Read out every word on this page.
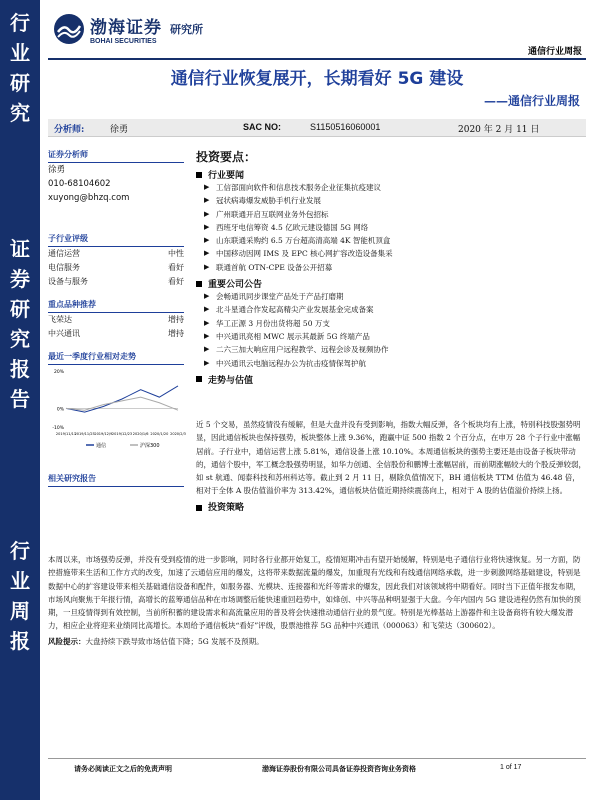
行
业
研
究
证
券
研
究
报
告
行
业
周
报
渤海证券
BOHAI SECURITIES
研究所
通信行业周报
通信行业恢复展开，长期看好 5G 建设
——通信行业周报
分析师:	徐勇	SAC NO:	S1150516060001	2020 年 2 月 11 日
证券分析师
徐勇
010-68104602
xuyong@bhzq.com
子行业评级
通信运营	中性
电信服务	看好
设备与服务	看好
重点品种推荐
飞荣达	增持
中兴通讯	增持
最近一季度行业相对走势
-10%
0%
20%
2019/11/11
2019/11/25 2019/12/9 2019/12/23 2020/1/6 2020/1/20 2020/2/3
通信	沪深300
相关研究报告
投资要点：
行业要闻
▶ 工信部面向软件和信息技术服务企业征集抗疫建议
▶ 冠状病毒爆发威胁手机行业发展
▶ 广州联通开启互联网业务外包招标
▶ 西班牙电信筹资 4.5 亿欧元建设德国 5G 网络
▶ 山东联通采购约 6.5 万台超高清高端 4K 智能机顶盒
▶ 中国移动因网 IMS 及 EPC 核心网扩容改造设备集采
▶ 联通首航 OTN-CPE 设备公开招募
重要公司公告
▶ 会畅通讯同步课堂产品处于产品打磨期
▶ 北斗星通合作发起高精尖产业发展基金完成备案
▶ 华工正源 3 月份出货将超 50 万支
▶ 中兴通讯亮相 MWC 展示其最新 5G 终端产品
▶ 二六三加大响应用户远程教学、远程会诊及视频协作
▶ 中兴通讯云电脑远程办公为抗击疫情保驾护航
走势与估值
近 5 个交易，虽然疫情没有缓解，但是大盘并没有受到影响，指数大幅反弹，各个板块均有上涨，特别科技股强势明显，因此通信板块也保持强势，板块整体上涨 9.36%，跑赢中证 500 指数 2 个百分点，在申万 28 个子行业中涨幅居前。子行业中，通信运营上涨 5.81%，通信设备上涨 10.10%。本周通信板块的强势主要还是由设备子板块带动的，通信个股中，军工概念股强势明显，如华力创通、全信股份和鹏博士涨幅居前，而前期涨幅较大的个股反弹较弱，如 st 航通、闻泰科技和苏州科达等。截止到 2 月 11 日，剔除负值情况下，BH 通信板块 TTM 估值为 46.48 倍，相对于全体 A 股估值溢价率为 313.42%，通信板块估值近期持续震荡向上，相对于 A 股的估值溢价持续上扬。
投资策略
本周以来，市场强势反弹，并没有受到疫情的进一步影响，同时各行业都开始复工，疫情短期冲击有望开始缓解，特别是电子通信行业将快速恢复。另一方面，防控措施带来生活和工作方式的改变，加速了云通信应用的爆发，这将带来数据流量的爆发，加重现有光线和有线通信网络承载，进一步刺激网络基础建设，特别是数据中心的扩容建设带来相关基础通信设备和配件，如服务器、光模块、连接器和光纤等需求的爆发，因此我们对该领域将中期看好。同时当下正值年报发布期，市场风向聚焦于年报行情，高增长的蓝筹通信品种在市场调整后能快速重回趋势中，如烽创、中兴等品种明显强于大盘。今年内国内 5G 建设进程仍然有加快的预期，一旦疫情得到有效控制，当前所积蓄的建设需求和高流量应用的普及将会快速推动通信行业的景气度。特别是光棒基站上游器件和主设备商将有较大爆发潜力，相应企业将迎来业绩同比高增长。本周给予通信板块“看好”评级，股票池推荐 5G 品种中兴通讯（000063）和飞荣达（300602）。
风险提示：大盘持续下跌导致市场估值下降；5G 发展不及预期。
请务必阅读正文之后的免责声明	渤海证券股份有限公司具备证券投资咨询业务资格	1 of 17
